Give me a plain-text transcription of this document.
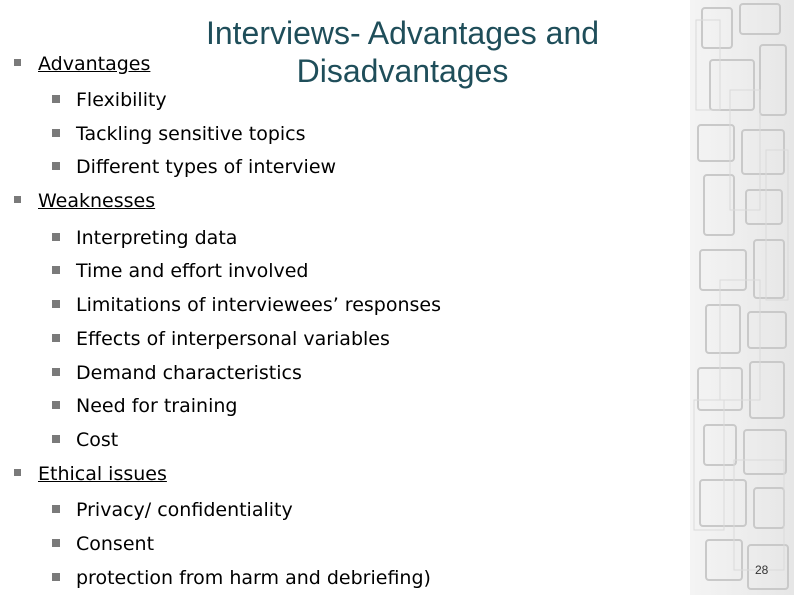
Interviews- Advantages and Disadvantages
Advantages
Flexibility
Tackling sensitive topics
Different types of interview
Weaknesses
Interpreting data
Time and effort involved
Limitations of interviewees’ responses
Effects of interpersonal variables
Demand characteristics
Need for training
Cost
Ethical issues
Privacy/ confidentiality
Consent
protection from harm and debriefing)	28
